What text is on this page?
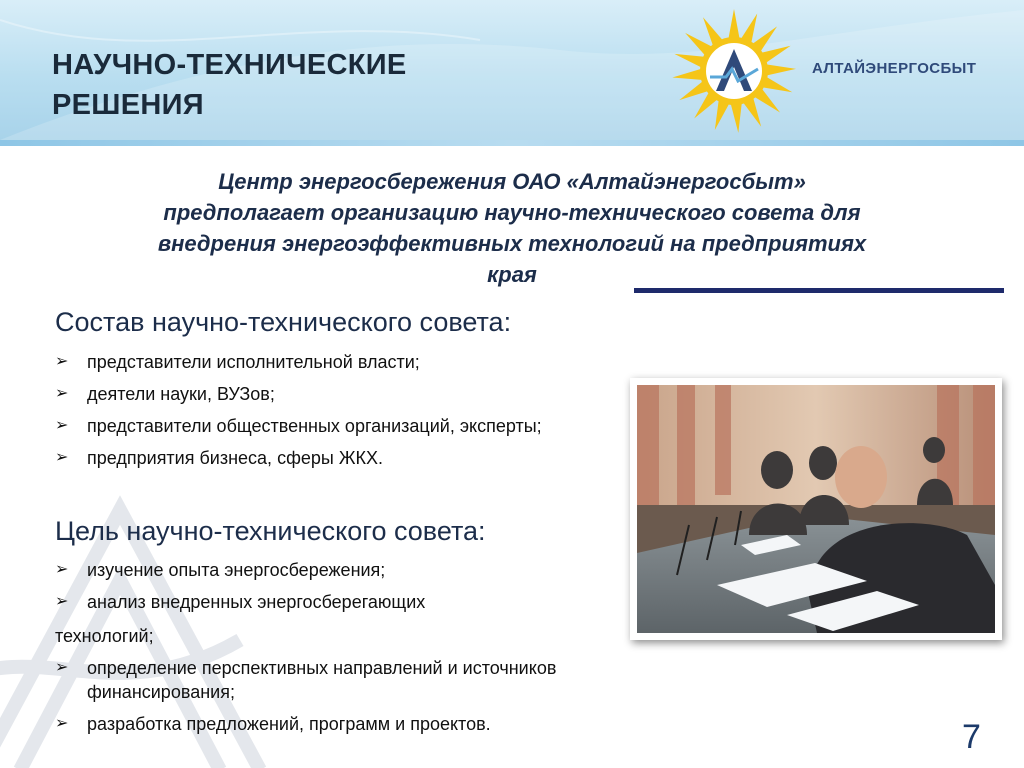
НАУЧНО-ТЕХНИЧЕСКИЕ
РЕШЕНИЯ
АЛТАЙЭНЕРГОСБЫТ
Центр энергосбережения ОАО «Алтайэнергосбыт»
предполагает организацию научно-технического совета для
внедрения энергоэффективных технологий на предприятиях
края
Состав научно-технического совета:
➢ представители исполнительной власти;
➢ деятели науки, ВУЗов;
➢ представители общественных организаций, эксперты;
➢ предприятия бизнеса, сферы ЖКХ.
Цель научно-технического совета:
➢ изучение опыта энергосбережения;
➢ анализ внедренных энергосберегающих
технологий;
➢ определение перспективных направлений и источников финансирования;
➢ разработка предложений, программ и проектов.	7
